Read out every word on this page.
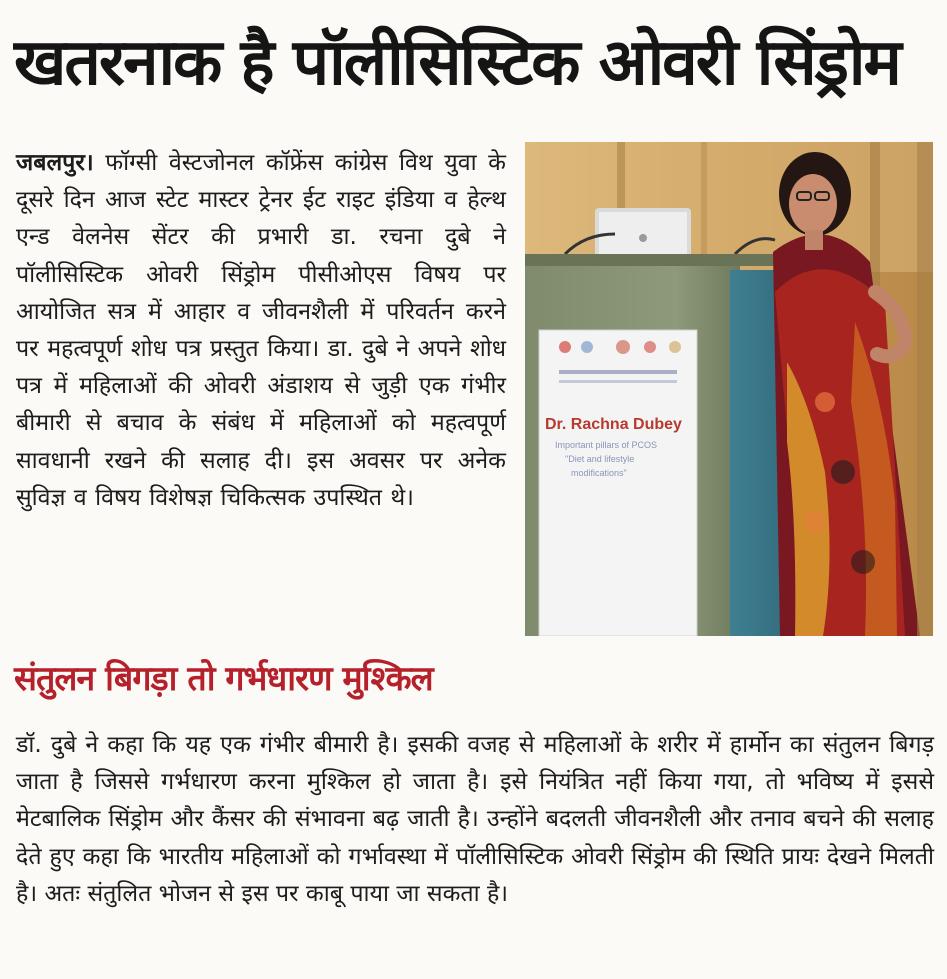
खतरनाक है पॉलीसिस्टिक ओवरी सिंड्रोम
जबलपुर। फॉग्सी वेस्टजोनल कॉफ्रेंस कांग्रेस विथ युवा के दूसरे दिन आज स्टेट मास्टर ट्रेनर ईट राइट इंडिया व हेल्थ एन्ड वेलनेस सेंटर की प्रभारी डा. रचना दुबे ने पॉलीसिस्टिक ओवरी सिंड्रोम पीसीओएस विषय पर आयोजित सत्र में आहार व जीवनशैली में परिवर्तन करने पर महत्वपूर्ण शोध पत्र प्रस्तुत किया। डा. दुबे ने अपने शोध पत्र में महिलाओं की ओवरी अंडाशय से जुड़ी एक गंभीर बीमारी से बचाव के संबंध में महिलाओं को महत्वपूर्ण सावधानी रखने की सलाह दी। इस अवसर पर अनेक सुविज्ञ व विषय विशेषज्ञ चिकित्सक उपस्थित थे।
Dr. Rachna Dubey
Important pillars of PCOS
"Diet and lifestyle
modifications"
संतुलन बिगड़ा तो गर्भधारण मुश्किल
डॉ. दुबे ने कहा कि यह एक गंभीर बीमारी है। इसकी वजह से महिलाओं के शरीर में हार्मोन का संतुलन बिगड़ जाता है जिससे गर्भधारण करना मुश्किल हो जाता है। इसे नियंत्रित नहीं किया गया, तो भविष्य में इससे मेटबालिक सिंड्रोम और कैंसर की संभावना बढ़ जाती है। उन्होंने बदलती जीवनशैली और तनाव बचने की सलाह देते हुए कहा कि भारतीय महिलाओं को गर्भावस्था में पॉलीसिस्टिक ओवरी सिंड्रोम की स्थिति प्रायः देखने मिलती है। अतः संतुलित भोजन से इस पर काबू पाया जा सकता है।
